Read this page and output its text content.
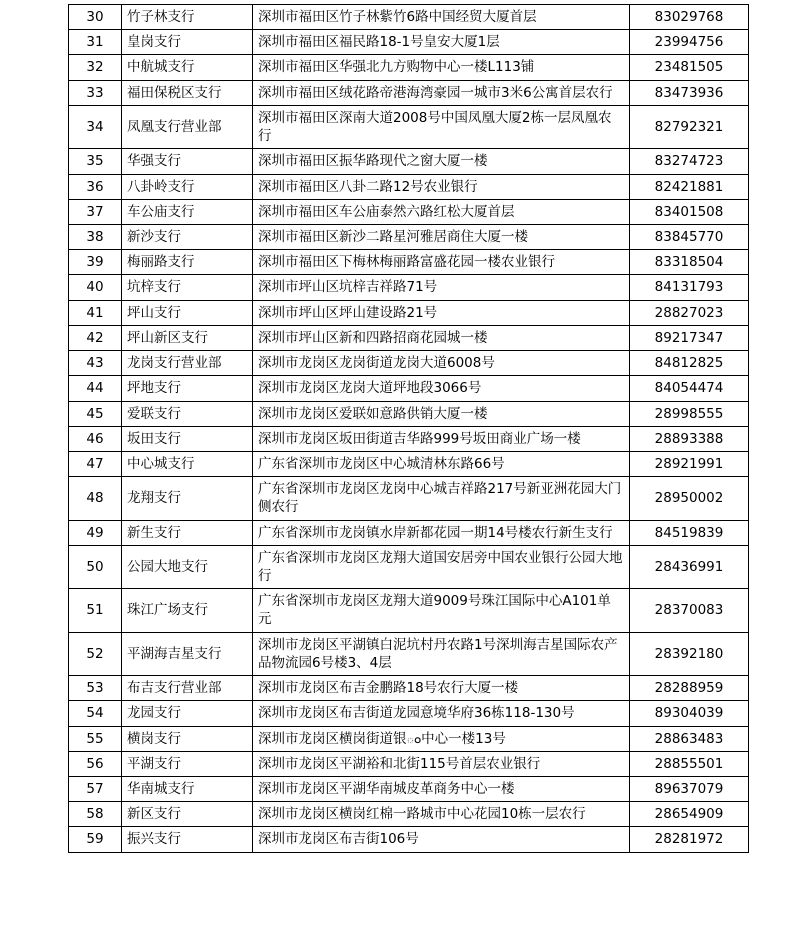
30	竹子林支行	深圳市福田区竹子林紫竹6路中国经贸大厦首层	83029768
31	皇岗支行	深圳市福田区福民路18-1号皇安大厦1层	23994756
32	中航城支行	深圳市福田区华强北九方购物中心一楼L113铺	23481505
33	福田保税区支行	深圳市福田区绒花路帝港海湾豪园一城市3米6公寓首层农行	83473936
34	凤凰支行营业部	深圳市福田区深南大道2008号中国凤凰大厦2栋一层凤凰农行	82792321
35	华强支行	深圳市福田区振华路现代之窗大厦一楼	83274723
36	八卦岭支行	深圳市福田区八卦二路12号农业银行	82421881
37	车公庙支行	深圳市福田区车公庙泰然六路红松大厦首层	83401508
38	新沙支行	深圳市福田区新沙二路星河雅居商住大厦一楼	83845770
39	梅丽路支行	深圳市福田区下梅林梅丽路富盛花园一楼农业银行	83318504
40	坑梓支行	深圳市坪山区坑梓吉祥路71号	84131793
41	坪山支行	深圳市坪山区坪山建设路21号	28827023
42	坪山新区支行	深圳市坪山区新和四路招商花园城一楼	89217347
43	龙岗支行营业部	深圳市龙岗区龙岗街道龙岗大道6008号	84812825
44	坪地支行	深圳市龙岗区龙岗大道坪地段3066号	84054474
45	爱联支行	深圳市龙岗区爱联如意路供销大厦一楼	28998555
46	坂田支行	深圳市龙岗区坂田街道吉华路999号坂田商业广场一楼	28893388
47	中心城支行	广东省深圳市龙岗区中心城清林东路66号	28921991
48	龙翔支行	广东省深圳市龙岗区龙岗中心城吉祥路217号新亚洲花园大门侧农行	28950002
49	新生支行	广东省深圳市龙岗镇水岸新都花园一期14号楼农行新生支行	84519839
50	公园大地支行	广东省深圳市龙岗区龙翔大道国安居旁中国农业银行公园大地行	28436991
51	珠江广场支行	广东省深圳市龙岗区龙翔大道9009号珠江国际中心A101单元	28370083
52	平湖海吉星支行	深圳市龙岗区平湖镇白泥坑村丹农路1号深圳海吉星国际农产品物流园6号楼3、4层	28392180
53	布吉支行营业部	深圳市龙岗区布吉金鹏路18号农行大厦一楼	28288959
54	龙园支行	深圳市龙岗区布吉街道龙园意境华府36栋118-130号	89304039
55	横岗支行	深圳市龙岗区横岗街道银ం中心一楼13号	28863483
56	平湖支行	深圳市龙岗区平湖裕和北街115号首层农业银行	28855501
57	华南城支行	深圳市龙岗区平湖华南城皮革商务中心一楼	89637079
58	新区支行	深圳市龙岗区横岗红棉一路城市中心花园10栋一层农行	28654909
59	振兴支行	深圳市龙岗区布吉街106号	28281972
